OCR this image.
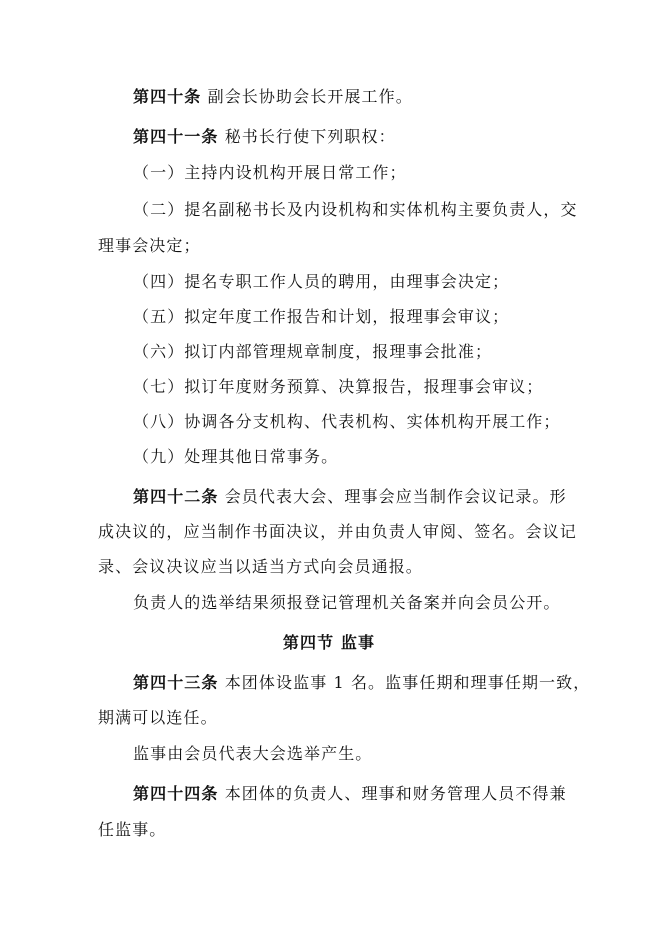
第四十条 副会长协助会长开展工作。
第四十一条 秘书长行使下列职权：
（一）主持内设机构开展日常工作；
（二）提名副秘书长及内设机构和实体机构主要负责人，交
理事会决定；
（四）提名专职工作人员的聘用，由理事会决定；
（五）拟定年度工作报告和计划，报理事会审议；
（六）拟订内部管理规章制度，报理事会批准；
（七）拟订年度财务预算、决算报告，报理事会审议；
（八）协调各分支机构、代表机构、实体机构开展工作；
（九）处理其他日常事务。
第四十二条 会员代表大会、理事会应当制作会议记录。形
成决议的，应当制作书面决议，并由负责人审阅、签名。会议记
录、会议决议应当以适当方式向会员通报。
负责人的选举结果须报登记管理机关备案并向会员公开。
第四节 监事
第四十三条 本团体设监事 1 名。监事任期和理事任期一致，
期满可以连任。
监事由会员代表大会选举产生。
第四十四条 本团体的负责人、理事和财务管理人员不得兼
任监事。
